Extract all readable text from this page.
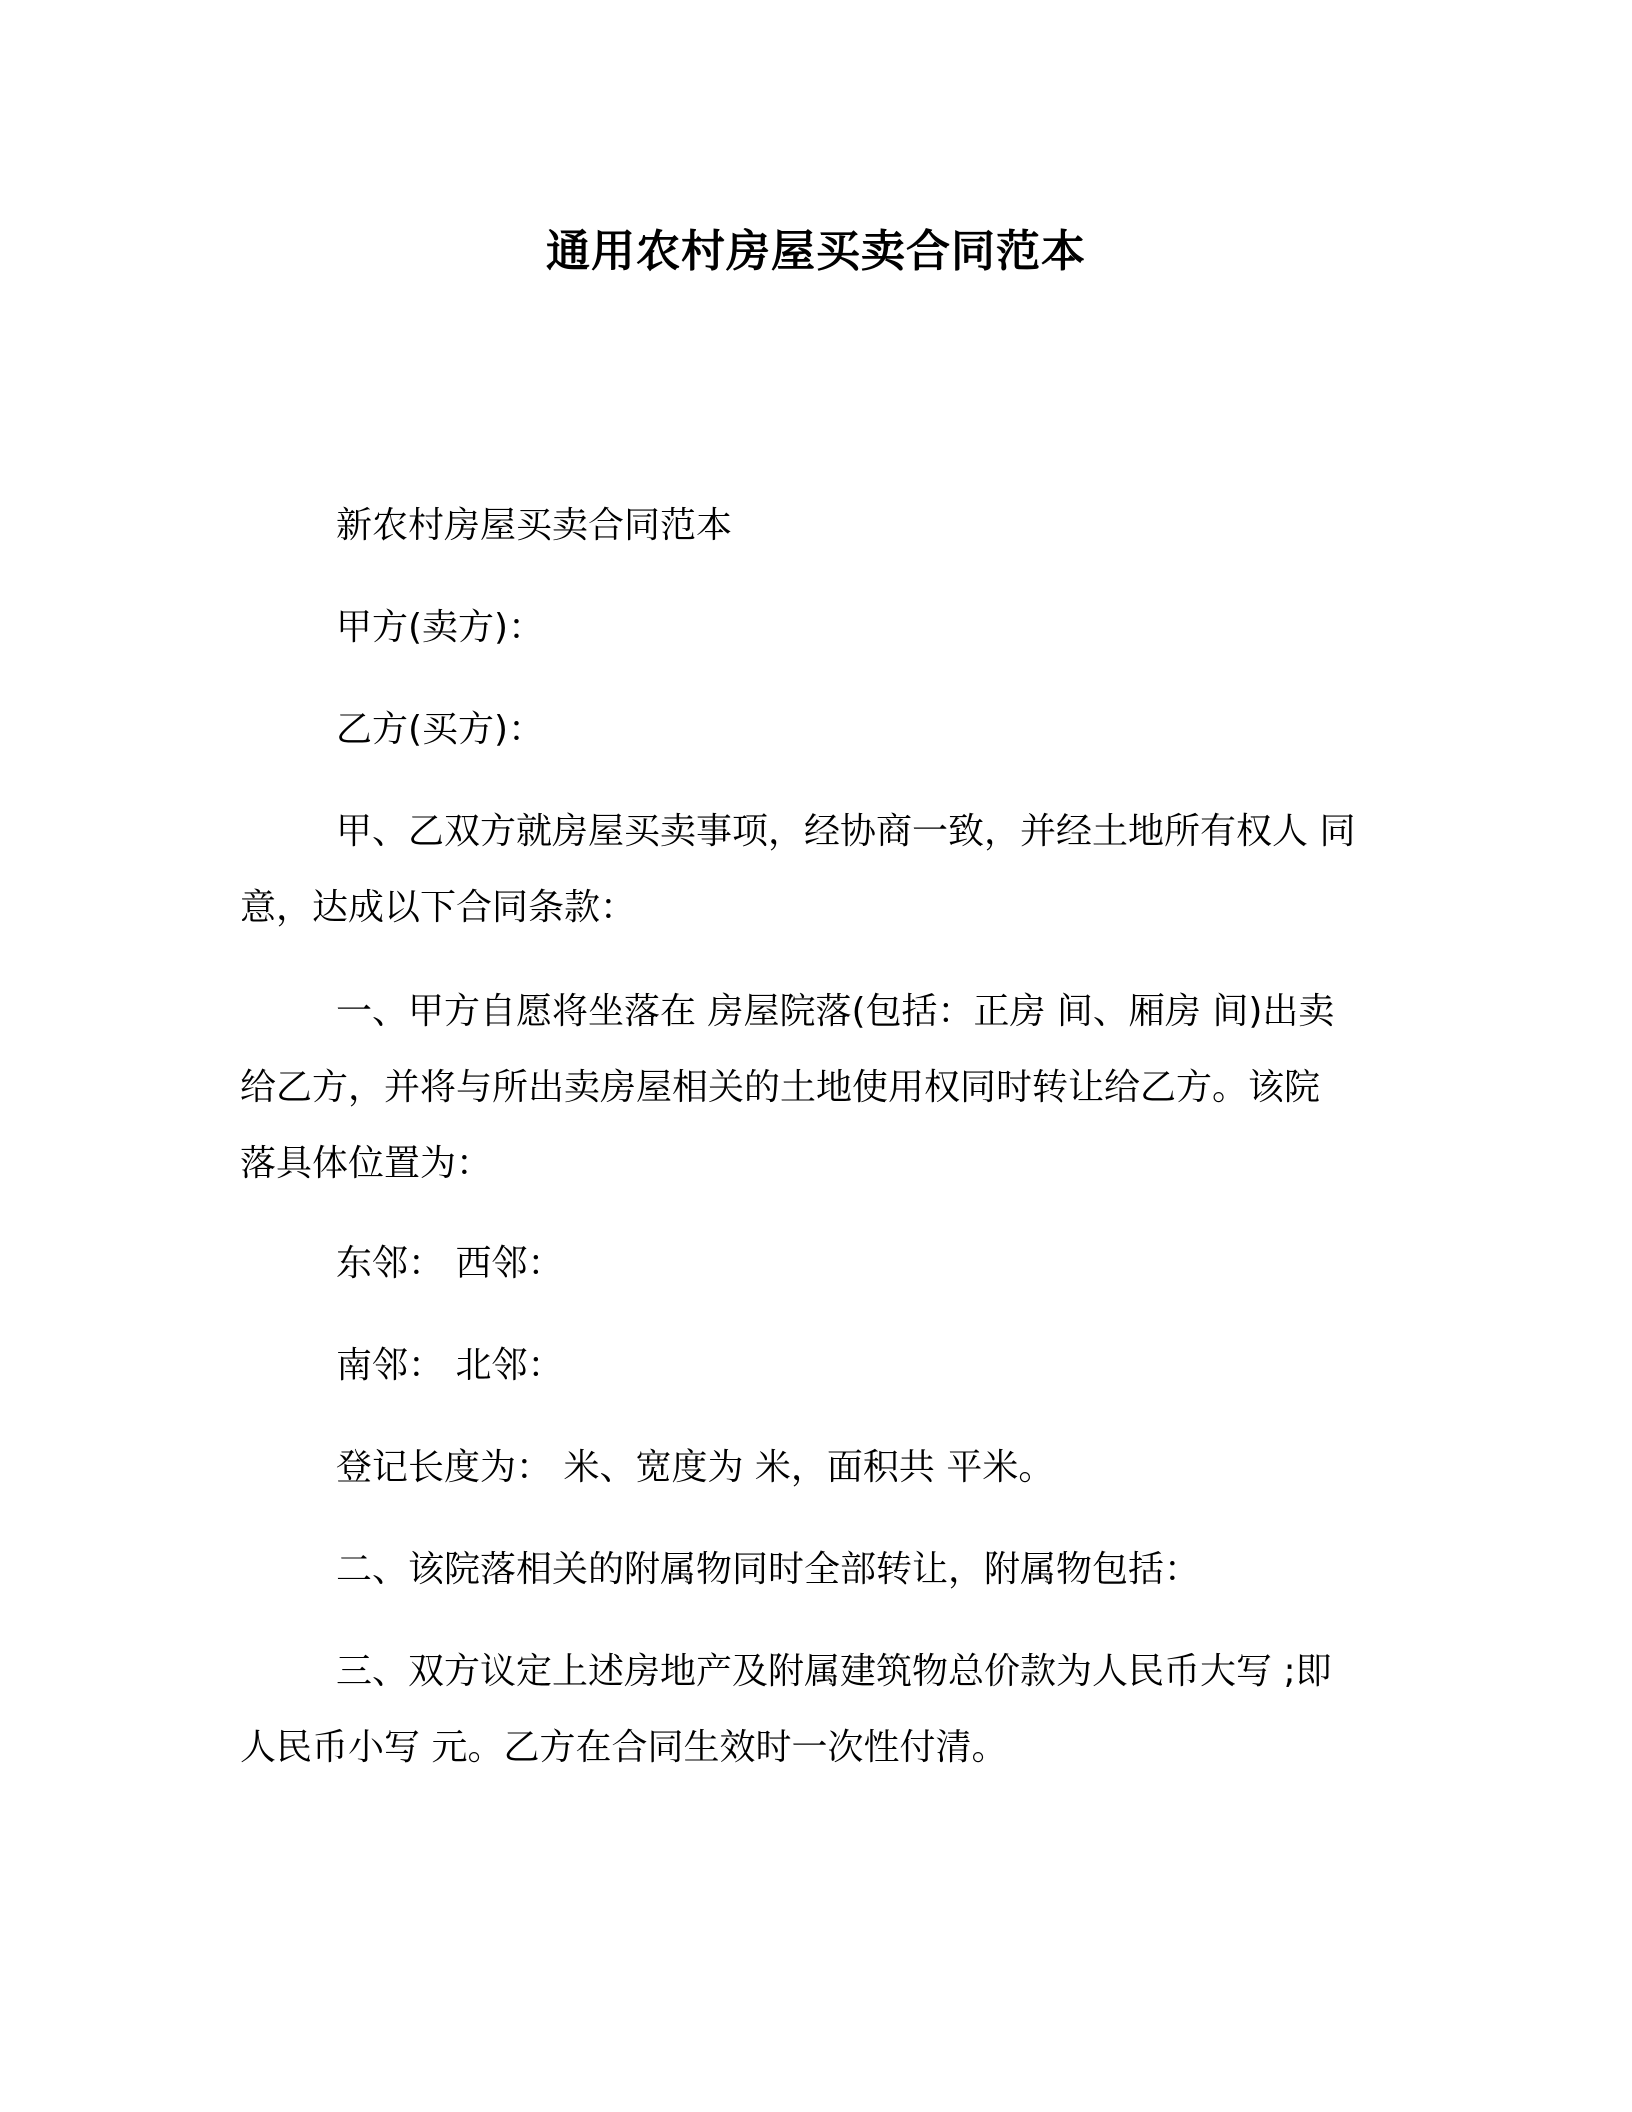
通用农村房屋买卖合同范本
新农村房屋买卖合同范本
甲方(卖方)：
乙方(买方)：
甲、乙双方就房屋买卖事项，经协商一致，并经土地所有权人 同
意，达成以下合同条款：
一、甲方自愿将坐落在 房屋院落(包括：正房 间、厢房 间)出卖
给乙方，并将与所出卖房屋相关的土地使用权同时转让给乙方。该院
落具体位置为：
东邻： 西邻：
南邻： 北邻：
登记长度为： 米、宽度为 米，面积共 平米。
二、该院落相关的附属物同时全部转让，附属物包括：
三、双方议定上述房地产及附属建筑物总价款为人民币大写 ;即
人民币小写 元。乙方在合同生效时一次性付清。
